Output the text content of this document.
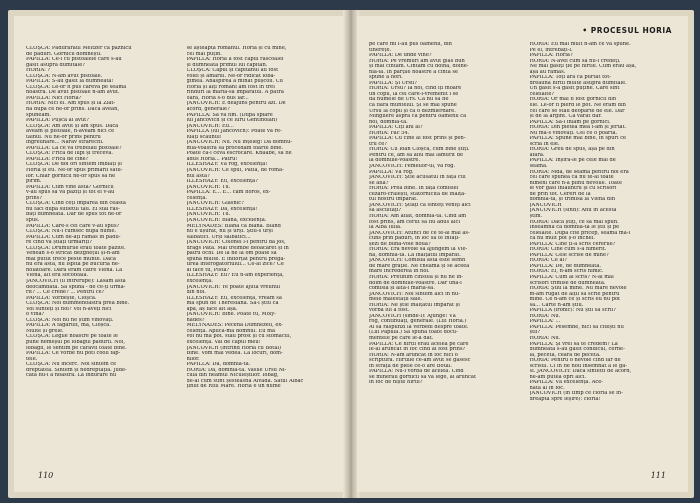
CLOȘCA: Păduraraul Meltzer ca paznicii
de păduri. Gornicii domnești.
PAPILLA: Ce-i cu pistoalele care s-au
găsit asupra dumitale?
HORIA: ?
CLOȘCA: N-am avut pistoale.
PAPILLA: S-au găsit la dumneata!
CLOȘCA: Le-or fi pus careva pe seama
noastră. De avut pistoale n-am avut.
PAPILLA: Nici Horia?
HORIA: Nici el. Am spus și la Zlat-
na după ce ne-or prins. Dacă avean,
spuneam.
PAPILLA: Pușcă ai avut?
CLOȘCA: Am avut și am spus. Dacă
aveam și pistoale, n-aveam nici ce
tăinui. Nu ne-or prins pentru
îngreunare... Nărav strărechi.
PAPILLA: La ce vă trebuiau pistoale?
CLOȘCA: Frica de lupi și treceva.
PAPILLA: Frica de cine?
CLOȘCA: De doi ori sîntem îmblați și
Horia și eu. Ne-or spus primarii satu-
lor. Chiar gornicii ne-or spus să ne
pîrim.
PAPILLA: Cum vine asta? Gornicii
v-au spus să vă păziți și tot ei v-au
prins?
CLOȘCA: Cînd ceți împărea din ceastă
nu faci după sufletul tău. Ei stai răs-
bați dumneata. Dar de spus tot ne-or
spus.
PAPILLA: Care-s cei care v-au spus?
CLOȘCA: Nu-i cumsec după nume.
PAPILLA: Cum de-ați rămas în pădu-
re cînd vă știați urmăriți?
CLOȘCA: Drumurile erau toate păzite.
Venean s-o strîcat dezghețul și-n-am
mai putut trece peste munte. Dacă
nu era asta, nu ispita pe bucuria ne-
noiatoare. Dară eram către Viena. La
Viena, alt era socoteala.
JANCOVICH (il intrerupe): Lăsăm asta
deocamdată. Să spună - de ce-ți urmă-
rit? ... Ce crede? ... Pentru ce?
PAPILLA: Vorbește, Cloșca.
CLOȘCA: Noi dummenoastră prea bine.
Voi sunteți și noi? Voi n-aveți nici
o vină?
CLOȘCA: Noi nu ne știm vinovați.
PAPILLA: A făgăruit, mă, Cloșca.
Multe și grele.
CLOȘCA: Legile noastre pe toate le
pune nemeșul pe iobagul pădurii. Noi,
iobagii, le sentim pe cărăvii toate bine.
PAPILLA: Ce vorbe nu poti cooli fap-
tele.
CLOȘCA: Nu încerc. Noi sîntem ce
dreptatea. Sîntem și nedreptăția. Jude-
cata nu-i a noastră. La îndurare nu
se așteaptă românul. Horia și cu mine,
cel mai puțin.
PAPILLA: Horia a fost capul răscoalei
și dumneata primul lui căpitan.
CLOȘCA: Capul și căpitanul au fost
voiei și amarul. Ne-or ridicat iobă-
gimea. Anaspirea a mînat pușcoii. Cu
Horia și alți români am fost în trei
rînduri la măria-sa împăratul. A patra
oară, Horia s-o dus iar...
JANCOVICH: E deajuns pentru azi. De
acord, generale?
PAPILLA: Să vă fim. (După spiare
lui Jancovich și ce luru Gentinolan)
JANCOVICH: Eu...
PAPILLA (lui Jancovich): Poate vă re-
luați scaunul!
JANCOVICH: Nu. Nu înțeleg! Da domnu-
mia-voastră să procedăm foarte bine.
Poate ca-i ceva escrocare. Knaabe, să fie
adus Horia... Patru!
ILLESHAZY: Vă rog, excelență!
JANCOVICH: Ce spui, Patia, de roma-
nul ăsta?
ILLESHAZY: Eu, excelență?
JANCOVICH: Tu.
PAPILLA: E... E... cam fioros, ex-
celență.
JANCOVICH: Glasnic?
ILLESHAZY: Da, excelență!
JANCOVICH: Tu.
JANCOVICH: Blana, excelență.
MELYNADES: Blana ca blana. Bland
nu e ușurat, nu și urși. Știu-s urși
sălbatici. Urși sălbatici...
JANCOVICH: Colonel l-i pentru da jos,
drags Pata. Mai treimbe deoacaret și în
patru ochi. De la ne la om poate să
spună multe. E infiorțat pentru prega-
tirea interogatoriului... Ce-ai zice? Ce
ai face tu, Pista?
ILLESHAZY: Eu? Eu n-am experiență,
excelență.
JANCOVICH: Ye poate ajuta vreunul
din noi.
ILLESHAZY: Eu, excelență, vream să
mă spun de Theresiana. Să-l știu ca
apa, aș face alt așa.
JANCOVICH: Bine. Poate tu, Moly-
nades?
MELYNADES: Pecenă Dumnezeu, ex-
celență. Aplică-mă domnul. Eu mă
voi nu mă pot. stau prost și cu stomacul,
excelență. Vai de capul meu!
JANCOVICH (intrînd Horia cu Botal)
Bine. Vom mai vedea. La locuri, dom-
nilor.
PAPILLA: Da, domnia-ta.
HORIA: Da, domnia-ta. Vasile Ursu Ni-
cula din neamul Niculeștilor. Iobag,
de-ăi cum sunt șesteasna Alvada. Satul Albac
ținut de Rîul Mare. Horia e un nume
110
• PROCESUL HORIA
pe care mi l-au pus oamenii, din
tinerețe.
PAPILLA: De unde vine?
HORIA: Pe vremuri am avut glas bun
și mai cîntam. Cîntam cu doină, doine-
nia-ia. În părțile noastre a cînta se
spune a hori.
PAPILLA: Și Ursu?
HORIA: Ursu? Ia noi, cînd îți moare
un copil, la cel care-i-vremenit i se
dă numele de Urs. Ca nu să fie
ca fiara muntelui. Și se mai spune
Ursu la copil și ca o dezmierdare.
Mîngîiere aspră ca pentru oamenii ca
noi, domnia-ta.
PAPILLA: Cîți ani ai?
HORIA: Fac 54.
PAPILLA: Cu cine ai fost prins și pen-
tru ce?
HORIA: Cu Ioan Cloșca, cum bine știți.
Pentru ce, am să aflu mai lămurit de
la domniile-voastre.
JANCOVICH: Femeilor-ul, vă rog.
PAPILLA: Vă rog.
JANCOVICH: Știe acusatul în fața cui
se află?
HORIA: Prea bine. În fața comisiei
cezaro-crăiești, statornicită de înălța-
tul nostru împărat.
JANCOVICH: Știați că sînteți veniți aici
să ascultați?
HORIA: Am aflat, domnia-ta. Cînd am
fost prins, am cerut să fiu adus aici
la Alba Iulia.
JANCOVICH: Atunci de ce te-ai mai as-
cuns prin păduri, în loc să te înfăți-
șezi de bună-voie nouă?
HORIA: Era nevoie să ajungem la Vie-
na, domnia-ta. La înălțatul împărat.
JANCOVICH: Comisia asta este semn
de mare grație. Ne cheamă și se aceea
mare încrederea în noi.
HORIA: Pretinim cinstea și nu ne în-
doim de domniile-voastre. Dar una-i
comisia și alta-i măria-sa.
JANCOVICH: Noi sîntem aici în nu-
mele maiestății sale.
HORIA: Ne știe înălțatul împărat și
vorba lui a fost.
JANCOVICH (sînde-l): Ajunge! Vă
rog, continuați, generale. (Lui Horia.)
Ai să răspunzi la verbedi despre toate.
(Lui Papilla.) Să spună toate docu-
mentele pe care le-a dat.
PAPILLA: Ce hîrtii erau acelea pe care
le-ai aruncat în foc cînd ai fost prins?
HORIA: N-am aruncat în foc nici o
scriptură. Hîrtiile ce-am avut se găsesc
în strața de piele ce-o are Botal.
PAPILLA: Nu-i vorba de acelea. Cînd
se mînerau gornicii să vă lege, ai aruncat
în foc de niște hîrtii?
HORIA: Eu mai mult n-am ce vă spune.
Pe el, întrebați-l.
PAPILLA: Horia?
HORIA: N-avei cum să nu-i credeți.
Ne mai găsiți ție pe hîrtie. Cum erau așa,
așa au rămas.
PAPILLA: Toți ară că purtat tot-
dreauna hîrtii multe asupra dumitale.
Un găsit s-a găsit puține. Care sînt
celelalte?
HORIA: Or mai fi fost gornicii din
ele. Le-or fi pierd le pot. Ne eram din
cei care se stau deoparte de ele. Dar
și de la argint. Că vărat dar.
PAPILLA: Să-l înlăm pe gornici.
HORIA: Din pietea mea i-am și jertat.
Nu mă-s vinovați. Cel ce o poartă.
PAPILLA: Spune mai bine, în spuri ce
scria în ele.
HORIA: Greu de spus, așa pe din
afară.
PAPILLA: Înșiră-le pe cele mai de
seamă.
HORIA: Mda, de seamă pentru noi era
cel care spunea că nu te-ai toate
nimeni care n-a plinu nevoile. Toate
le vor găsi înlăuntru și cu scrisori
de prin tot. Cereri de la
domnia-ta, și trimisă la Viena din
JANCOVICH
JANCOVICH (sînd): Afiu în acesta
știm.
HORIA: Dacă știți, ce să mai spun.
Înseamnă că domnia-ta le știi și pe
celelalte. După cîte pricep, seamă mă-i
că nu mult pot ș-o închei.
PAPILLA: Cine ți-a scris cererile?
HORIA: Cine cum s-a nimerit.
PAPILLA: Cele scrise de mine?
HORIA: Ce ai?
PAPILLA: De, de dumneata.
HORIA: Ei, n-am scris nimic.
PAPILLA: Cum ai scris? N-ai mai
scrisori trimise de dumneata.
HORIA: Știu la mine. Nu mare nevoie
m-am rugat de alții să scrie pentru
mine. Ce n-am ce și scris eu nu pot
să... Carte n-am știu.
PAPILLA (ironic): Nu știi să scrii?
HORIA: Nu.
PAPILLA: ...
PAPILLA: Pesemne, nici să citești nu
știi?
HORIA: Nu.
PAPILLA: Și vrei să te credem? La
dumneata s-au găsit condicul, cerne-
la, pecetă, ceară de pecetă.
HORIA: Pentru o nevoie cînd iar de
scrisul. Cî în fie nou însemnat a le gă-
si. JANCOVICH: Dacă sîntetti de acord,
ne-am putea opri aici.
PAPILLA: Vă excelență. Ace-
nată al în foc.
JANCOVICH (în timp ce Horia se în-
dreaptă spre ieșire): Horia!
111
